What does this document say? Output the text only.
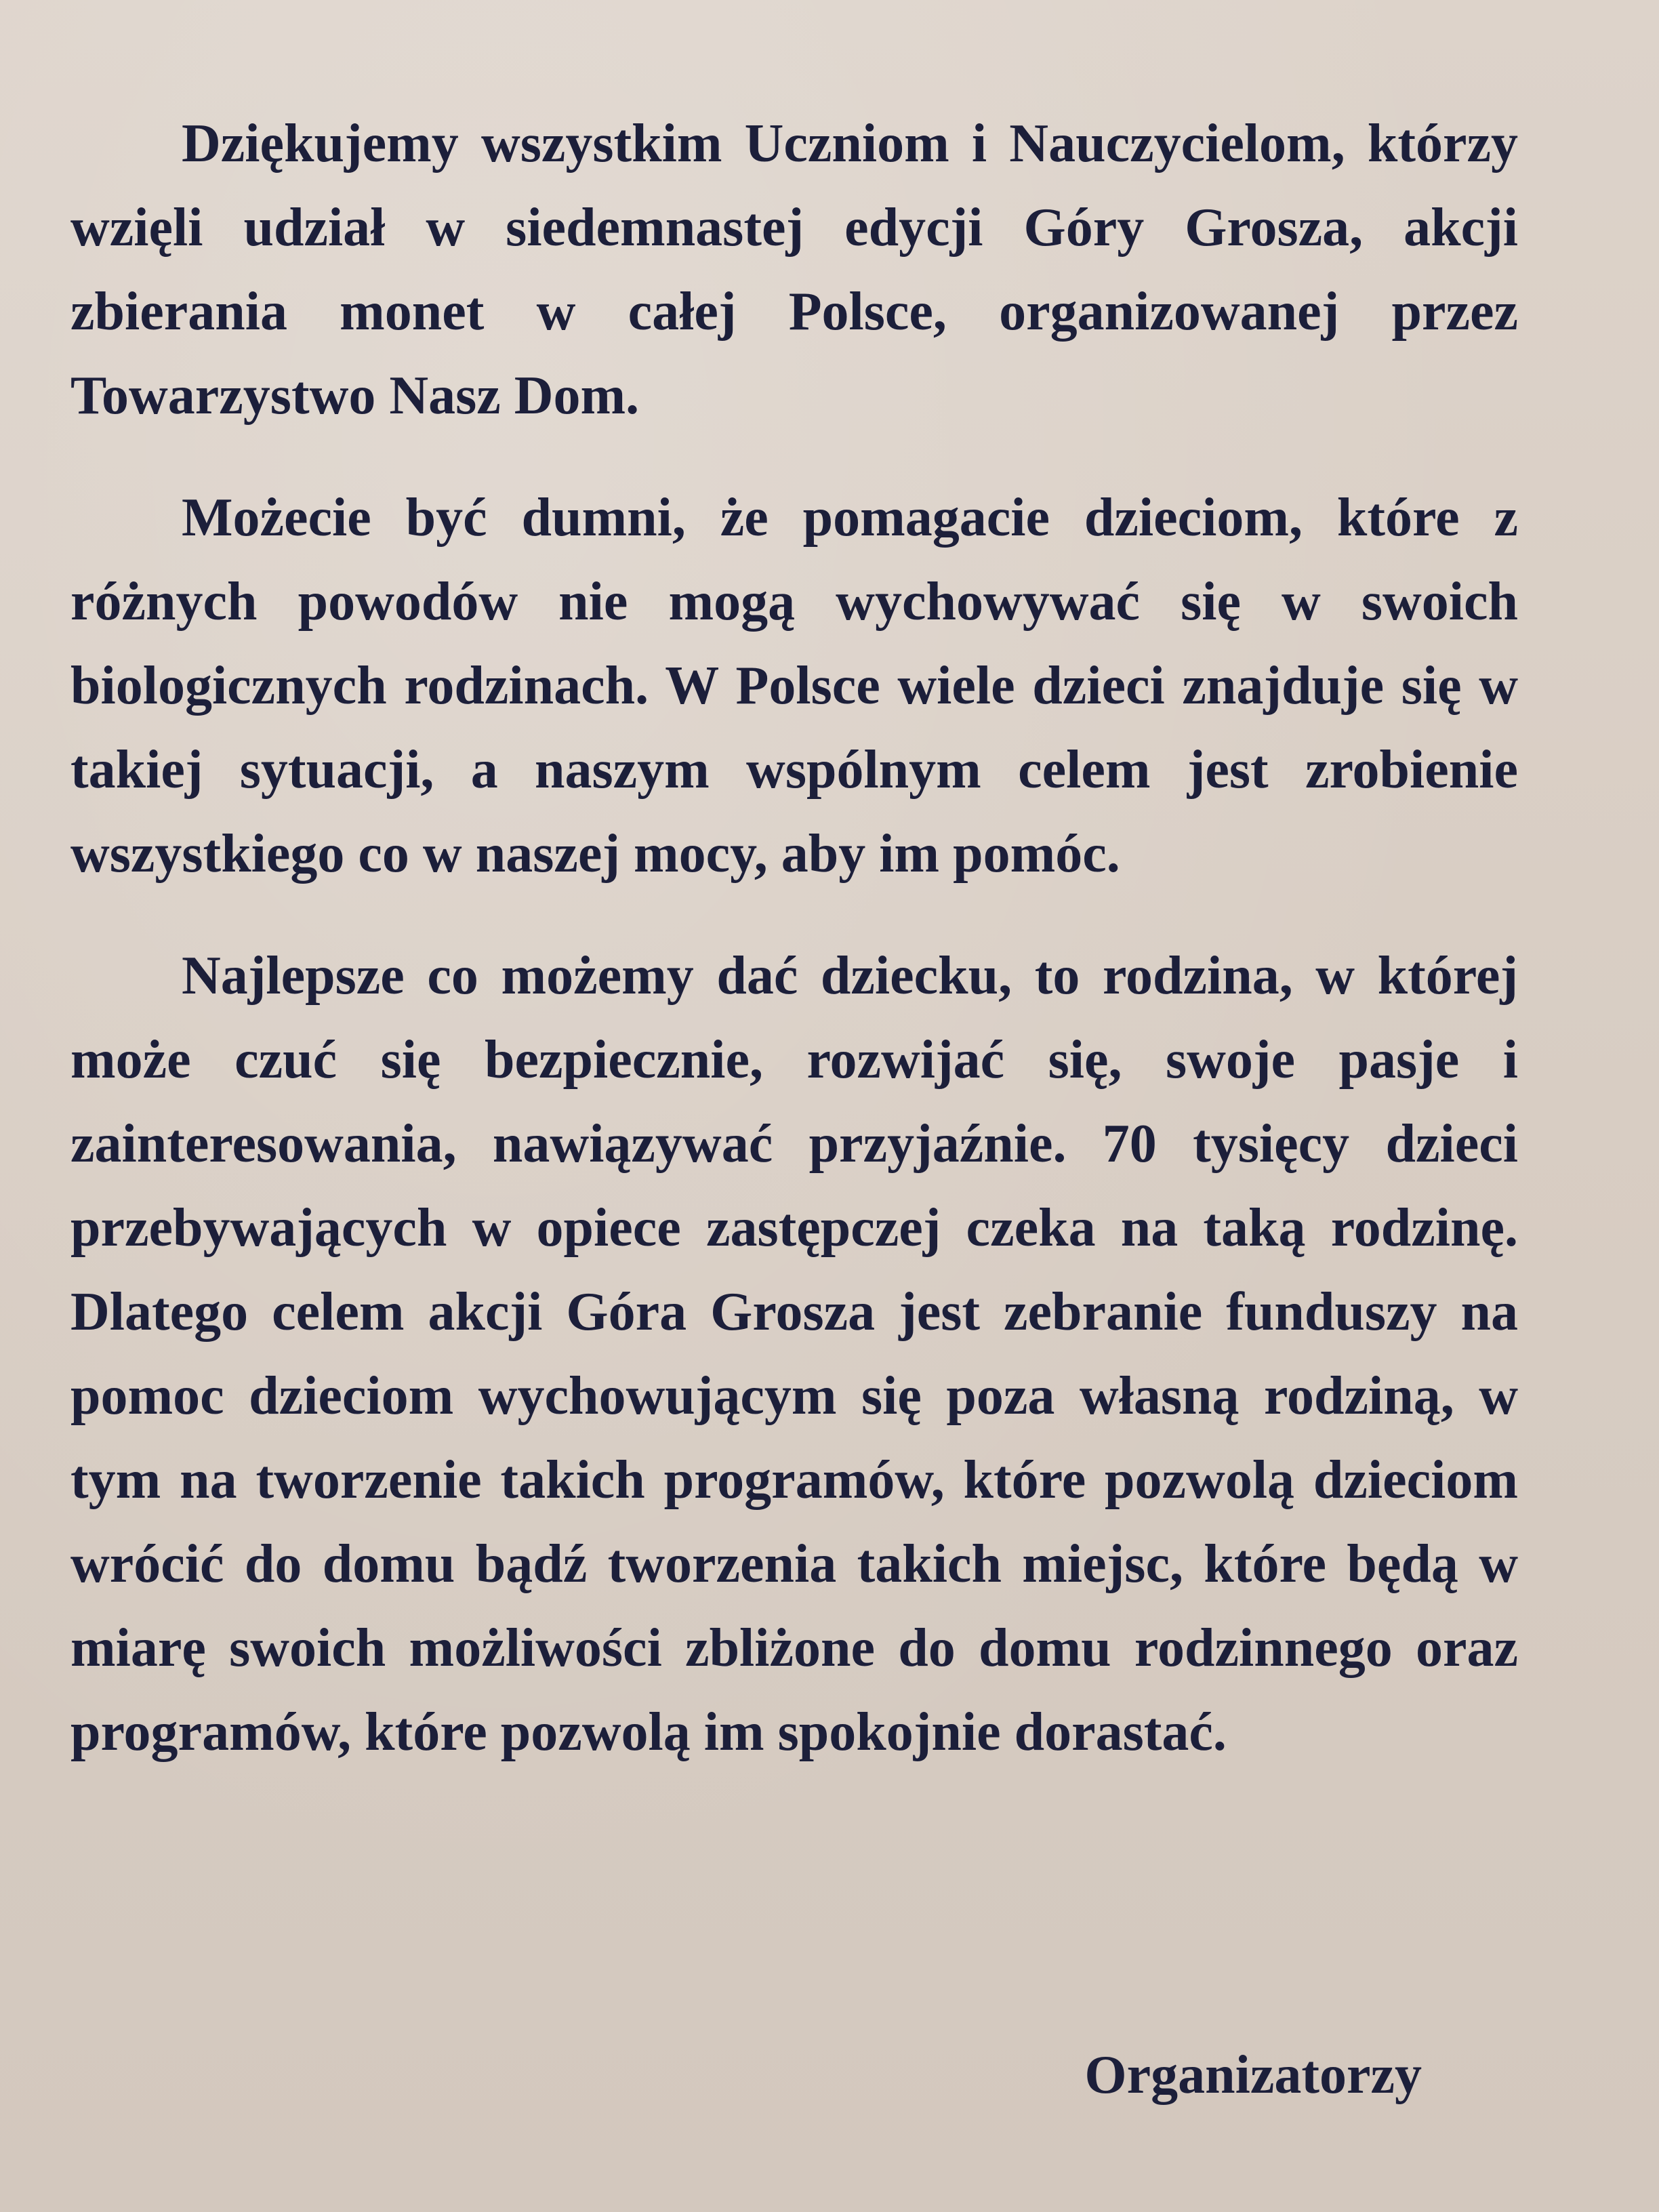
Dziękujemy wszystkim Uczniom i Nauczycielom, którzy wzięli udział w siedemnastej edycji Góry Grosza, akcji zbierania monet w całej Polsce, organizowanej przez Towarzystwo Nasz Dom.

Możecie być dumni, że pomagacie dzieciom, które z różnych powodów nie mogą wychowywać się w swoich biologicznych rodzinach. W Polsce wiele dzieci znajduje się w takiej sytuacji, a naszym wspólnym celem jest zrobienie wszystkiego co w naszej mocy, aby im pomóc.

Najlepsze co możemy dać dziecku, to rodzina, w której może czuć się bezpiecznie, rozwijać się, swoje pasje i zainteresowania, nawiązywać przyjaźnie. 70 tysięcy dzieci przebywających w opiece zastępczej czeka na taką rodzinę. Dlatego celem akcji Góra Grosza jest zebranie funduszy na pomoc dzieciom wychowującym się poza własną rodziną, w tym na tworzenie takich programów, które pozwolą dzieciom wrócić do domu bądź tworzenia takich miejsc, które będą w miarę swoich możliwości zbliżone do domu rodzinnego oraz programów, które pozwolą im spokojnie dorastać.

Organizatorzy
